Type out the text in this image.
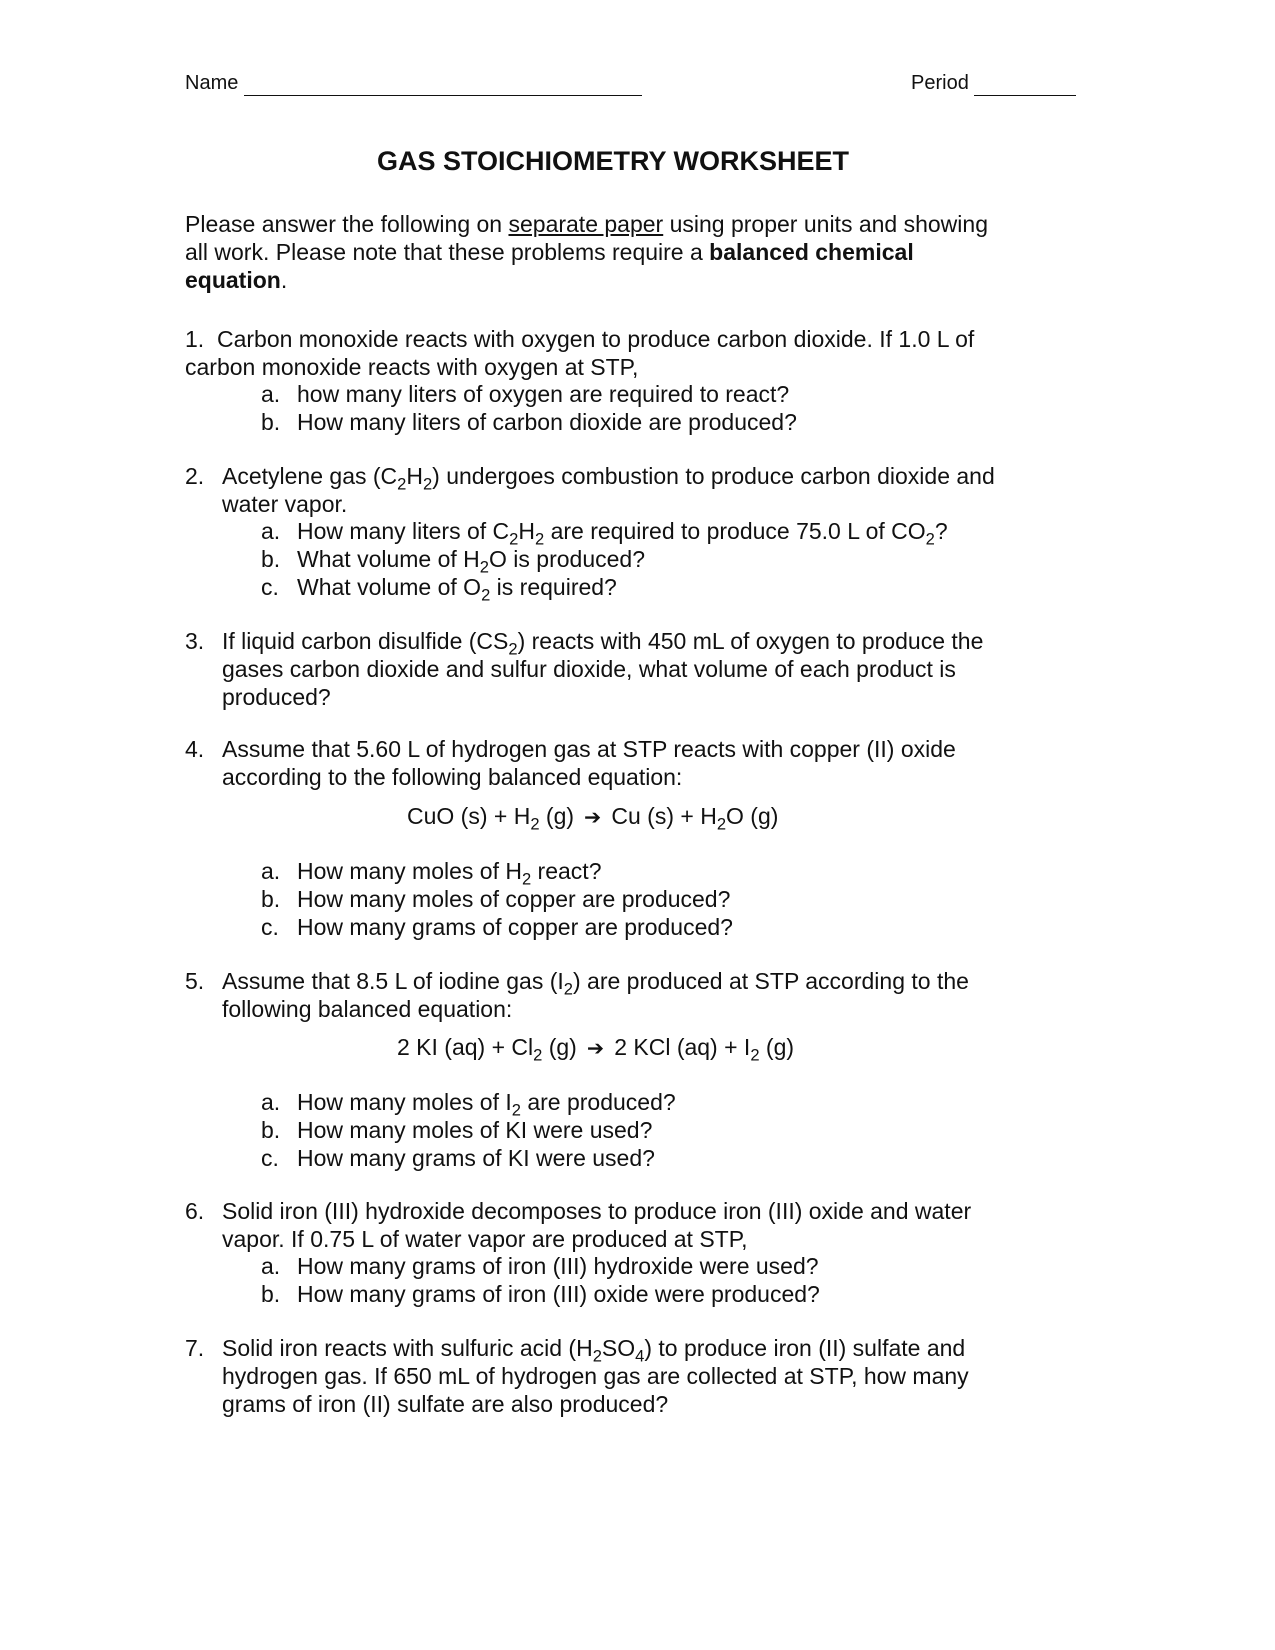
Name	Period
GAS STOICHIOMETRY WORKSHEET
Please answer the following on separate paper using proper units and showing
all work. Please note that these problems require a balanced chemical
equation.
1. Carbon monoxide reacts with oxygen to produce carbon dioxide. If 1.0 L of
carbon monoxide reacts with oxygen at STP,
a. how many liters of oxygen are required to react?
b. How many liters of carbon dioxide are produced?
2. Acetylene gas $(C_2H_2)$ undergoes combustion to produce carbon dioxide and
water vapor.
a. How many liters of $C_2H_2$ are required to produce 75.0 L of $CO_2$?
b. What volume of $H_2O$ is produced?
c. What volume of $O_2$ is required?
3. If liquid carbon disulfide $(CS_2)$ reacts with 450 mL of oxygen to produce the
gases carbon dioxide and sulfur dioxide, what volume of each product is
produced?
4. Assume that 5.60 L of hydrogen gas at STP reacts with copper (II) oxide
according to the following balanced equation:
CuO $(s) + H_2$ (g) ➔ Cu $(s) + H_2O$ (g)
a. How many moles of $H_2$ react?
b. How many moles of copper are produced?
c. How many grams of copper are produced?
5. Assume that 8.5 L of iodine gas $(I_2)$ are produced at STP according to the
following balanced equation:
2 KI $(aq) + Cl_2$ (g) ➔ 2 KCl $(aq) + I_2$ (g)
a. How many moles of $I_2$ are produced?
b. How many moles of KI were used?
c. How many grams of KI were used?
6. Solid iron (III) hydroxide decomposes to produce iron (III) oxide and water
vapor. If 0.75 L of water vapor are produced at STP,
a. How many grams of iron (III) hydroxide were used?
b. How many grams of iron (III) oxide were produced?
7. Solid iron reacts with sulfuric acid $(H_2SO_4)$ to produce iron (II) sulfate and
hydrogen gas. If 650 mL of hydrogen gas are collected at STP, how many
grams of iron (II) sulfate are also produced?
